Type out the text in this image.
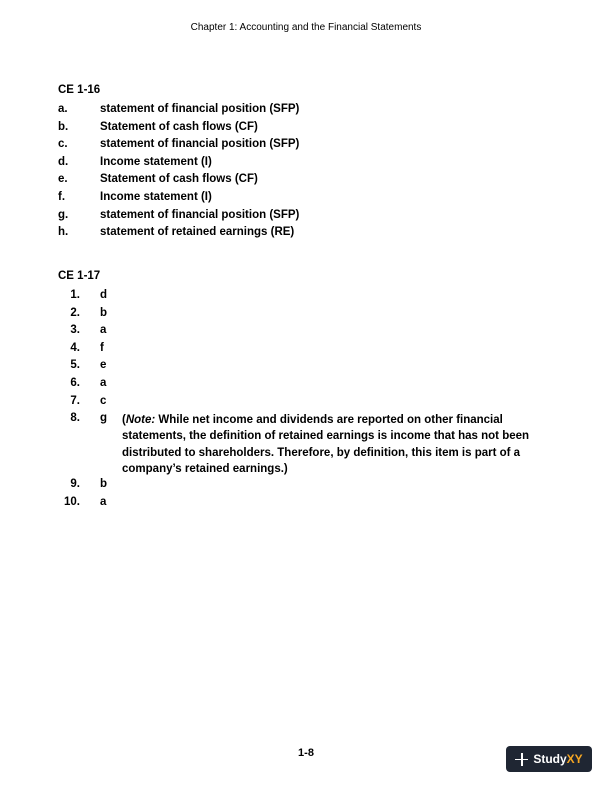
Chapter 1: Accounting and the Financial Statements
CE 1-16
a.	statement of financial position (SFP)
b.	Statement of cash flows (CF)
c.	statement of financial position (SFP)
d.	Income statement (I)
e.	Statement of cash flows (CF)
f.	Income statement (I)
g.	statement of financial position (SFP)
h.	statement of retained earnings (RE)
CE 1-17
1. d
2. b
3. a
4. f
5. e
6. a
7. c
8. g (Note: While net income and dividends are reported on other financial statements, the definition of retained earnings is income that has not been distributed to shareholders. Therefore, by definition, this item is part of a company’s retained earnings.)
9. b
10. a
1-8	Study XY
